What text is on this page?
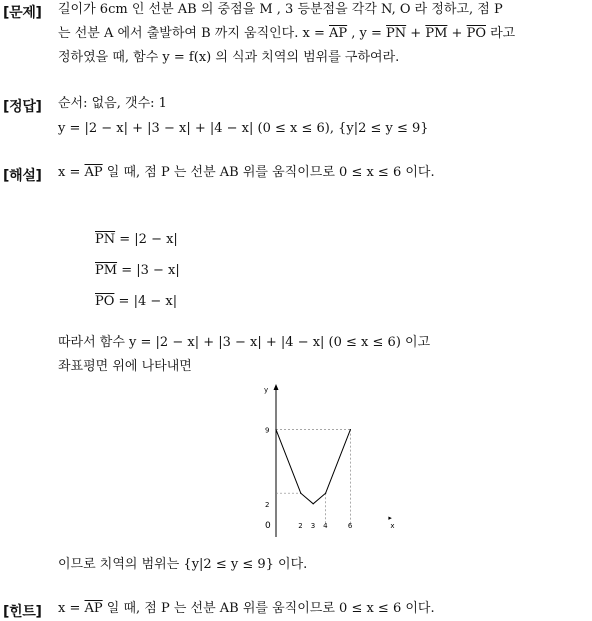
[문제] 길이가 6cm 인 선분 AB 의 중점을 M , 3 등분점을 각각 N, O 라 정하고, 점 P
는 선분 A 에서 출발하여 B 까지 움직인다. $x = \overline{AP}$ , $y = \overline{PN} + \overline{PM} + \overline{PO}$ 라고
정하였을 때, 함수 y = f(x) 의 식과 치역의 범위를 구하여라.
[정답] 순서: 없음, 갯수: 1
y = |2 − x| + |3 − x| + |4 − x| (0 ≤ x ≤ 6), {y|2 ≤ y ≤ 9}
[해설] $x = \overline{AP}$ 일 때, 점 P 는 선분 AB 위를 움직이므로 0 ≤ x ≤ 6 이다.
$\overline{PN} = |2 - x|$
$\overline{PM} = |3 - x|$
$\overline{PO} = |4 - x|$
따라서 함수 y = |2 − x| + |3 − x| + |4 − x| (0 ≤ x ≤ 6) 이고
좌표평면 위에 나타내면
y
x
▸
0	2 3 4	6
2
9
이므로 치역의 범위는 {y|2 ≤ y ≤ 9} 이다.
[힌트] $x = \overline{AP}$ 일 때, 점 P 는 선분 AB 위를 움직이므로 0 ≤ x ≤ 6 이다.
